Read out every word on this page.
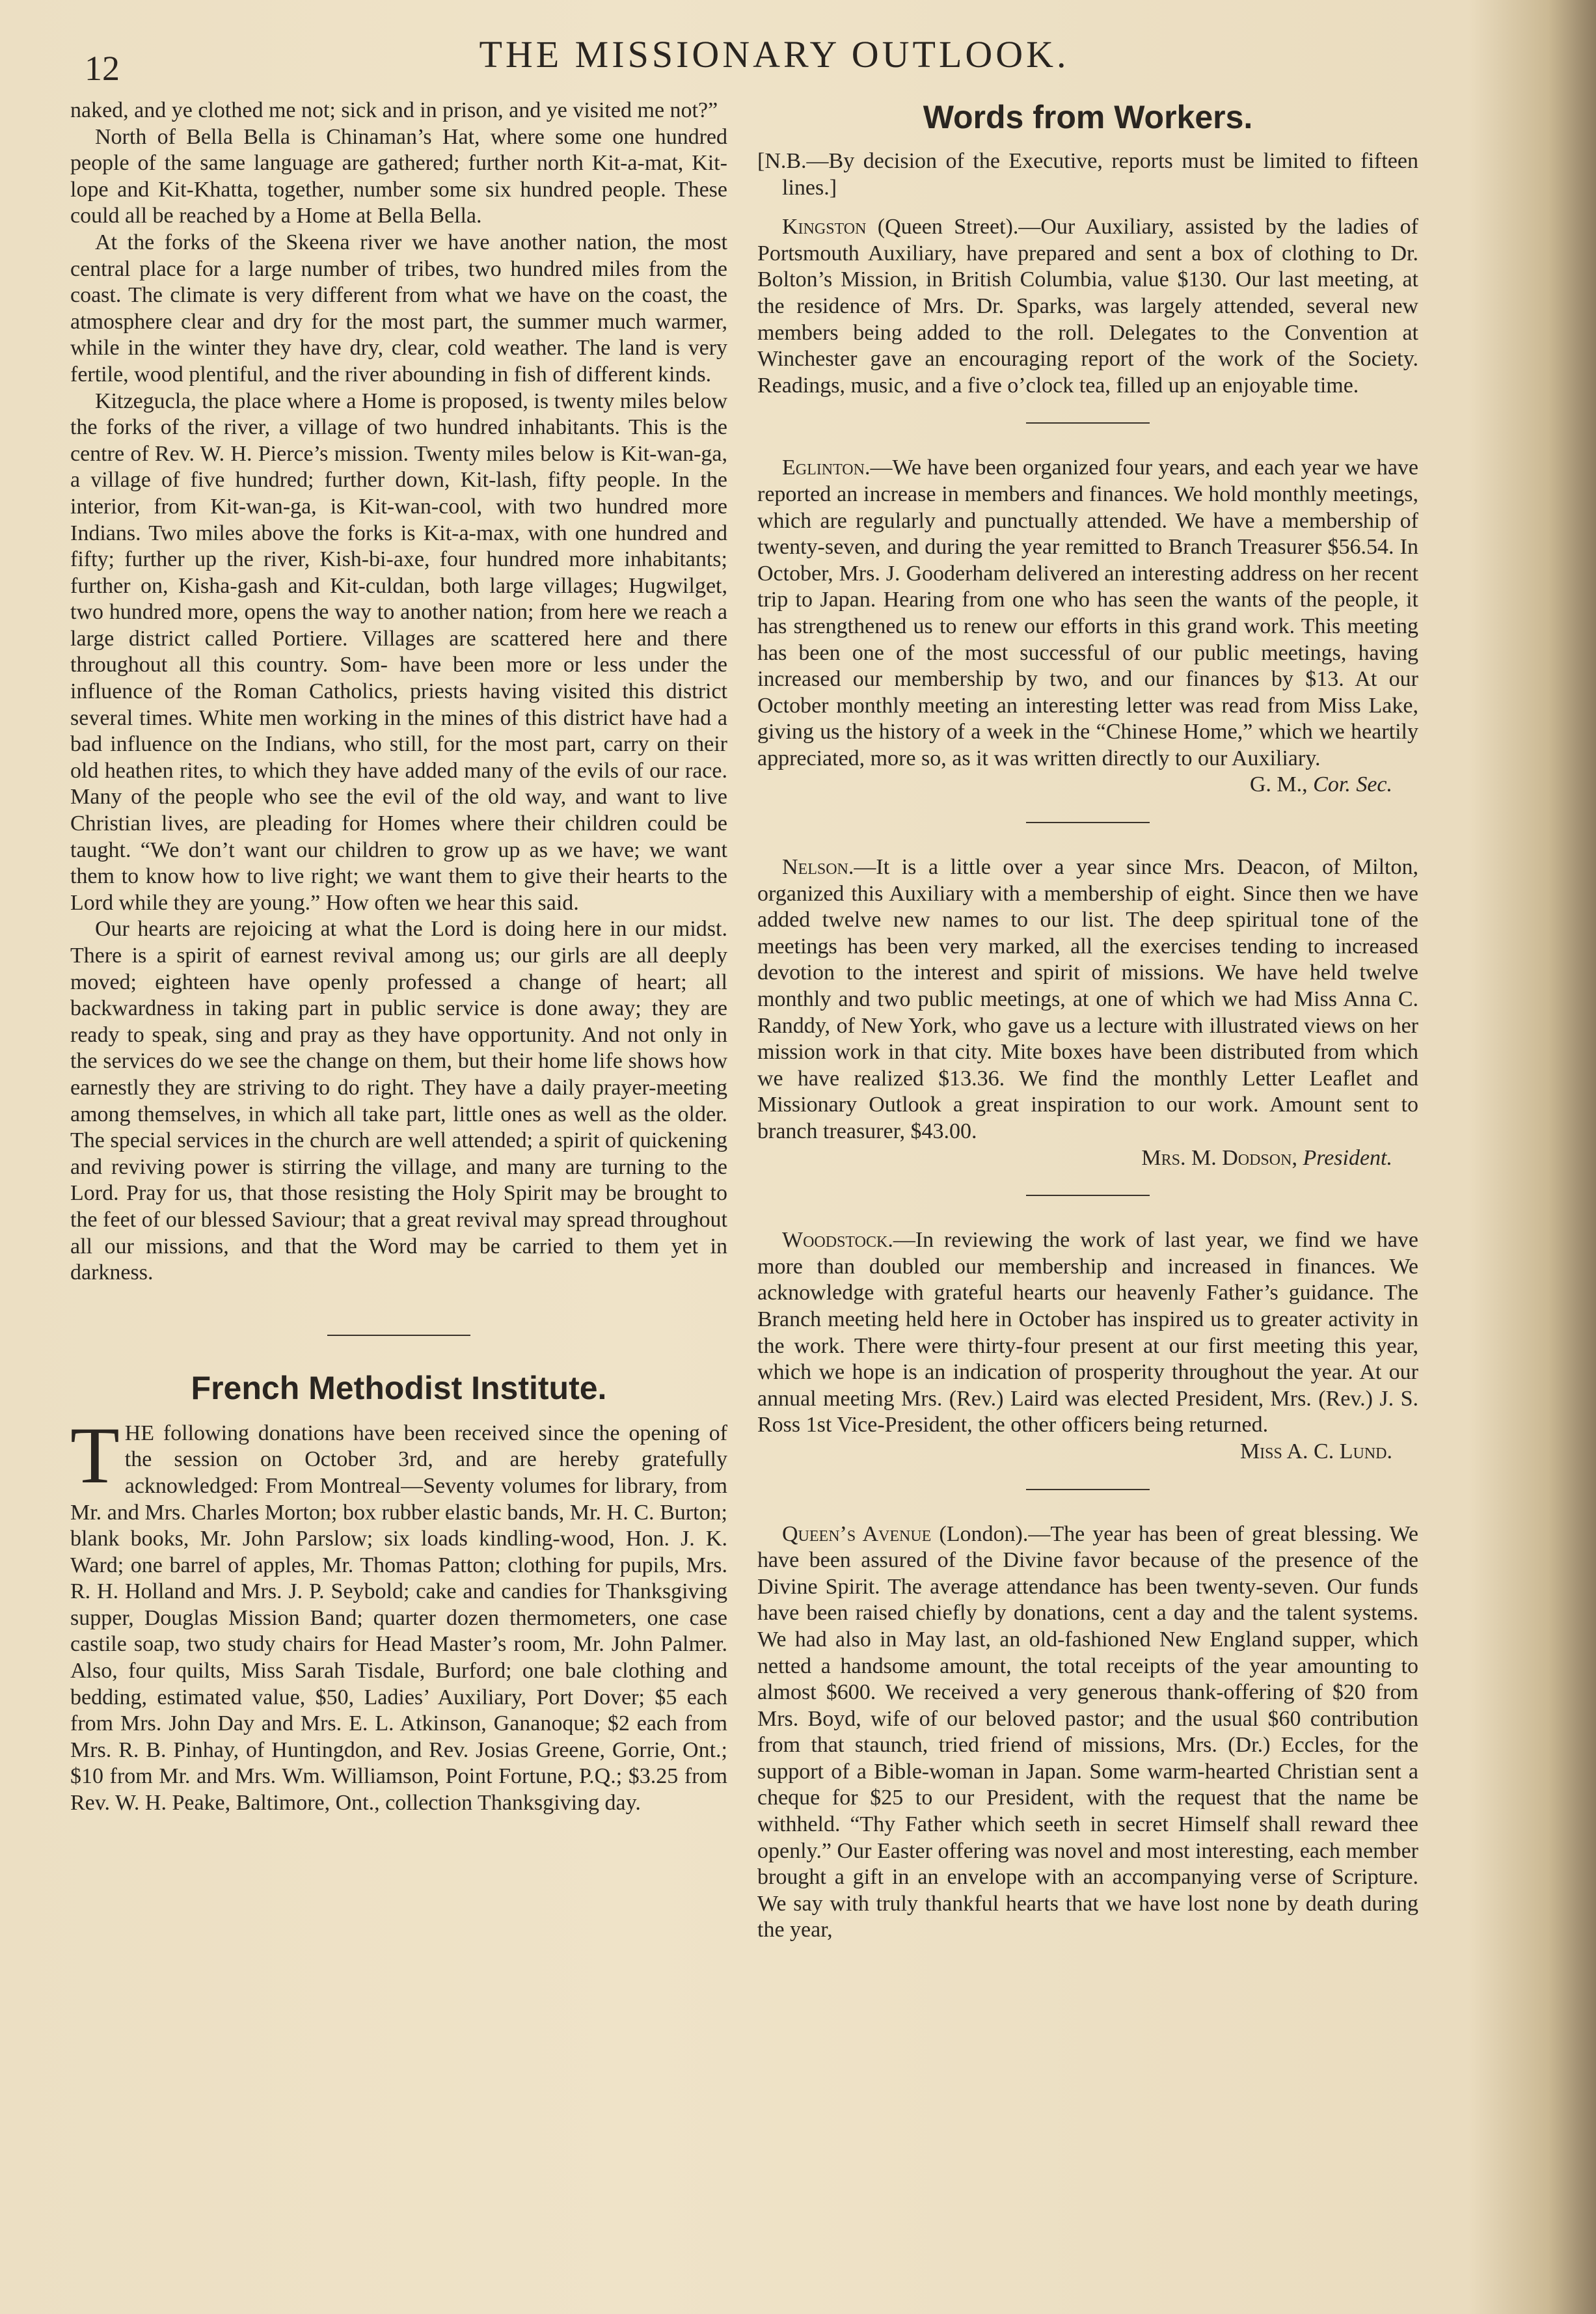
12	THE MISSIONARY OUTLOOK.

naked, and ye clothed me not; sick and in prison, and ye visited me not?”

North of Bella Bella is Chinaman’s Hat, where some one hundred people of the same language are gathered; further north Kit-a-mat, Kit-lope and Kit-Khatta, together, number some six hundred people. These could all be reached by a Home at Bella Bella.

At the forks of the Skeena river we have another nation, the most central place for a large number of tribes, two hundred miles from the coast. The climate is very different from what we have on the coast, the atmosphere clear and dry for the most part, the summer much warmer, while in the winter they have dry, clear, cold weather. The land is very fertile, wood plentiful, and the river abounding in fish of different kinds.

Kitzegucla, the place where a Home is proposed, is twenty miles below the forks of the river, a village of two hundred inhabitants. This is the centre of Rev. W. H. Pierce’s mission. Twenty miles below is Kit-wan-ga, a village of five hundred; further down, Kit-lash, fifty people. In the interior, from Kit-wan-ga, is Kit-wan-cool, with two hundred more Indians. Two miles above the forks is Kit-a-max, with one hundred and fifty; further up the river, Kish-bi-axe, four hundred more inhabitants; further on, Kisha-gash and Kit-culdan, both large villages; Hugwilget, two hundred more, opens the way to another nation; from here we reach a large district called Portiere. Villages are scattered here and there throughout all this country. Som- have been more or less under the influence of the Roman Catholics, priests having visited this district several times. White men working in the mines of this district have had a bad influence on the Indians, who still, for the most part, carry on their old heathen rites, to which they have added many of the evils of our race. Many of the people who see the evil of the old way, and want to live Christian lives, are pleading for Homes where their children could be taught. “We don’t want our children to grow up as we have; we want them to know how to live right; we want them to give their hearts to the Lord while they are young.” How often we hear this said.

Our hearts are rejoicing at what the Lord is doing here in our midst. There is a spirit of earnest revival among us; our girls are all deeply moved; eighteen have openly professed a change of heart; all backwardness in taking part in public service is done away; they are ready to speak, sing and pray as they have opportunity. And not only in the services do we see the change on them, but their home life shows how earnestly they are striving to do right. They have a daily prayer-meeting among themselves, in which all take part, little ones as well as the older. The special services in the church are well attended; a spirit of quickening and reviving power is stirring the village, and many are turning to the Lord. Pray for us, that those resisting the Holy Spirit may be brought to the feet of our blessed Saviour; that a great revival may spread throughout all our missions, and that the Word may be carried to them yet in darkness.

French Methodist Institute.

THE following donations have been received since the opening of the session on October 3rd, and are hereby gratefully acknowledged: From Montreal—Seventy volumes for library, from Mr. and Mrs. Charles Morton; box rubber elastic bands, Mr. H. C. Burton; blank books, Mr. John Parslow; six loads kindling-wood, Hon. J. K. Ward; one barrel of apples, Mr. Thomas Patton; clothing for pupils, Mrs. R. H. Holland and Mrs. J. P. Seybold; cake and candies for Thanksgiving supper, Douglas Mission Band; quarter dozen thermometers, one case castile soap, two study chairs for Head Master’s room, Mr. John Palmer. Also, four quilts, Miss Sarah Tisdale, Burford; one bale clothing and bedding, estimated value, $50, Ladies’ Auxiliary, Port Dover; $5 each from Mrs. John Day and Mrs. E. L. Atkinson, Gananoque; $2 each from Mrs. R. B. Pinhay, of Huntingdon, and Rev. Josias Greene, Gorrie, Ont.; $10 from Mr. and Mrs. Wm. Williamson, Point Fortune, P.Q.; $3.25 from Rev. W. H. Peake, Baltimore, Ont., collection Thanksgiving day.

Words from Workers.

[N.B.—By decision of the Executive, reports must be limited to fifteen lines.]

Kingston (Queen Street).—Our Auxiliary, assisted by the ladies of Portsmouth Auxiliary, have prepared and sent a box of clothing to Dr. Bolton’s Mission, in British Columbia, value $130. Our last meeting, at the residence of Mrs. Dr. Sparks, was largely attended, several new members being added to the roll. Delegates to the Convention at Winchester gave an encouraging report of the work of the Society. Readings, music, and a five o’clock tea, filled up an enjoyable time.

Eglinton.—We have been organized four years, and each year we have reported an increase in members and finances. We hold monthly meetings, which are regularly and punctually attended. We have a membership of twenty-seven, and during the year remitted to Branch Treasurer $56.54. In October, Mrs. J. Gooderham delivered an interesting address on her recent trip to Japan. Hearing from one who has seen the wants of the people, it has strengthened us to renew our efforts in this grand work. This meeting has been one of the most successful of our public meetings, having increased our membership by two, and our finances by $13. At our October monthly meeting an interesting letter was read from Miss Lake, giving us the history of a week in the “Chinese Home,” which we heartily appreciated, more so, as it was written directly to our Auxiliary.

G. M., Cor. Sec.

Nelson.—It is a little over a year since Mrs. Deacon, of Milton, organized this Auxiliary with a membership of eight. Since then we have added twelve new names to our list. The deep spiritual tone of the meetings has been very marked, all the exercises tending to increased devotion to the interest and spirit of missions. We have held twelve monthly and two public meetings, at one of which we had Miss Anna C. Randdy, of New York, who gave us a lecture with illustrated views on her mission work in that city. Mite boxes have been distributed from which we have realized $13.36. We find the monthly Letter Leaflet and Missionary Outlook a great inspiration to our work. Amount sent to branch treasurer, $43.00.

Mrs. M. Dodson, President.

Woodstock.—In reviewing the work of last year, we find we have more than doubled our membership and increased in finances. We acknowledge with grateful hearts our heavenly Father’s guidance. The Branch meeting held here in October has inspired us to greater activity in the work. There were thirty-four present at our first meeting this year, which we hope is an indication of prosperity throughout the year. At our annual meeting Mrs. (Rev.) Laird was elected President, Mrs. (Rev.) J. S. Ross 1st Vice-President, the other officers being returned.

Miss A. C. Lund.

Queen’s Avenue (London).—The year has been of great blessing. We have been assured of the Divine favor because of the presence of the Divine Spirit. The average attendance has been twenty-seven. Our funds have been raised chiefly by donations, cent a day and the talent systems. We had also in May last, an old-fashioned New England supper, which netted a handsome amount, the total receipts of the year amounting to almost $600. We received a very generous thank-offering of $20 from Mrs. Boyd, wife of our beloved pastor; and the usual $60 contribution from that staunch, tried friend of missions, Mrs. (Dr.) Eccles, for the support of a Bible-woman in Japan. Some warm-hearted Christian sent a cheque for $25 to our President, with the request that the name be withheld. “Thy Father which seeth in secret Himself shall reward thee openly.” Our Easter offering was novel and most interesting, each member brought a gift in an envelope with an accompanying verse of Scripture. We say with truly thankful hearts that we have lost none by death during the year,
